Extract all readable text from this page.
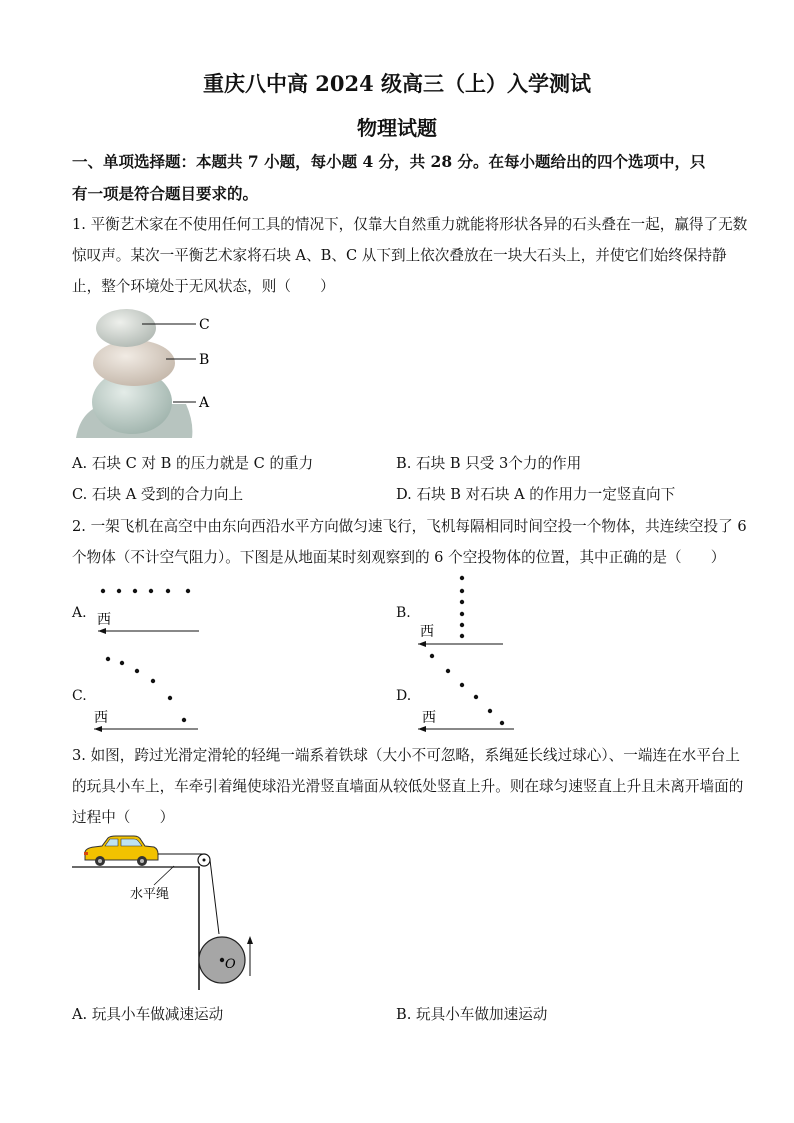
重庆八中高 2024 级高三（上）入学测试
物理试题
一、单项选择题：本题共 7 小题，每小题 4 分，共 28 分。在每小题给出的四个选项中，只
有一项是符合题目要求的。
1. 平衡艺术家在不使用任何工具的情况下，仅靠大自然重力就能将形状各异的石头叠在一起，赢得了无数
惊叹声。某次一平衡艺术家将石块 A、B、C 从下到上依次叠放在一块大石头上，并使它们始终保持静
止，整个环境处于无风状态，则（　　）
C
B
A
A. 石块 C 对 B 的压力就是 C 的重力	B. 石块 B 只受 3个力的作用
C. 石块 A 受到的合力向上	D. 石块 B 对石块 A 的作用力一定竖直向下
2. 一架飞机在高空中由东向西沿水平方向做匀速飞行，飞机每隔相同时间空投一个物体，共连续空投了 6
个物体（不计空气阻力）。下图是从地面某时刻观察到的 6 个空投物体的位置，其中正确的是（　　）
A. 西	B.
西
C.
西
D.
西
3. 如图，跨过光滑定滑轮的轻绳一端系着铁球（大小不可忽略，系绳延长线过球心）、一端连在水平台上
的玩具小车上，车牵引着绳使球沿光滑竖直墙面从较低处竖直上升。则在球匀速竖直上升且未离开墙面的
过程中（　　）
O
水平绳
A. 玩具小车做减速运动	B. 玩具小车做加速运动
